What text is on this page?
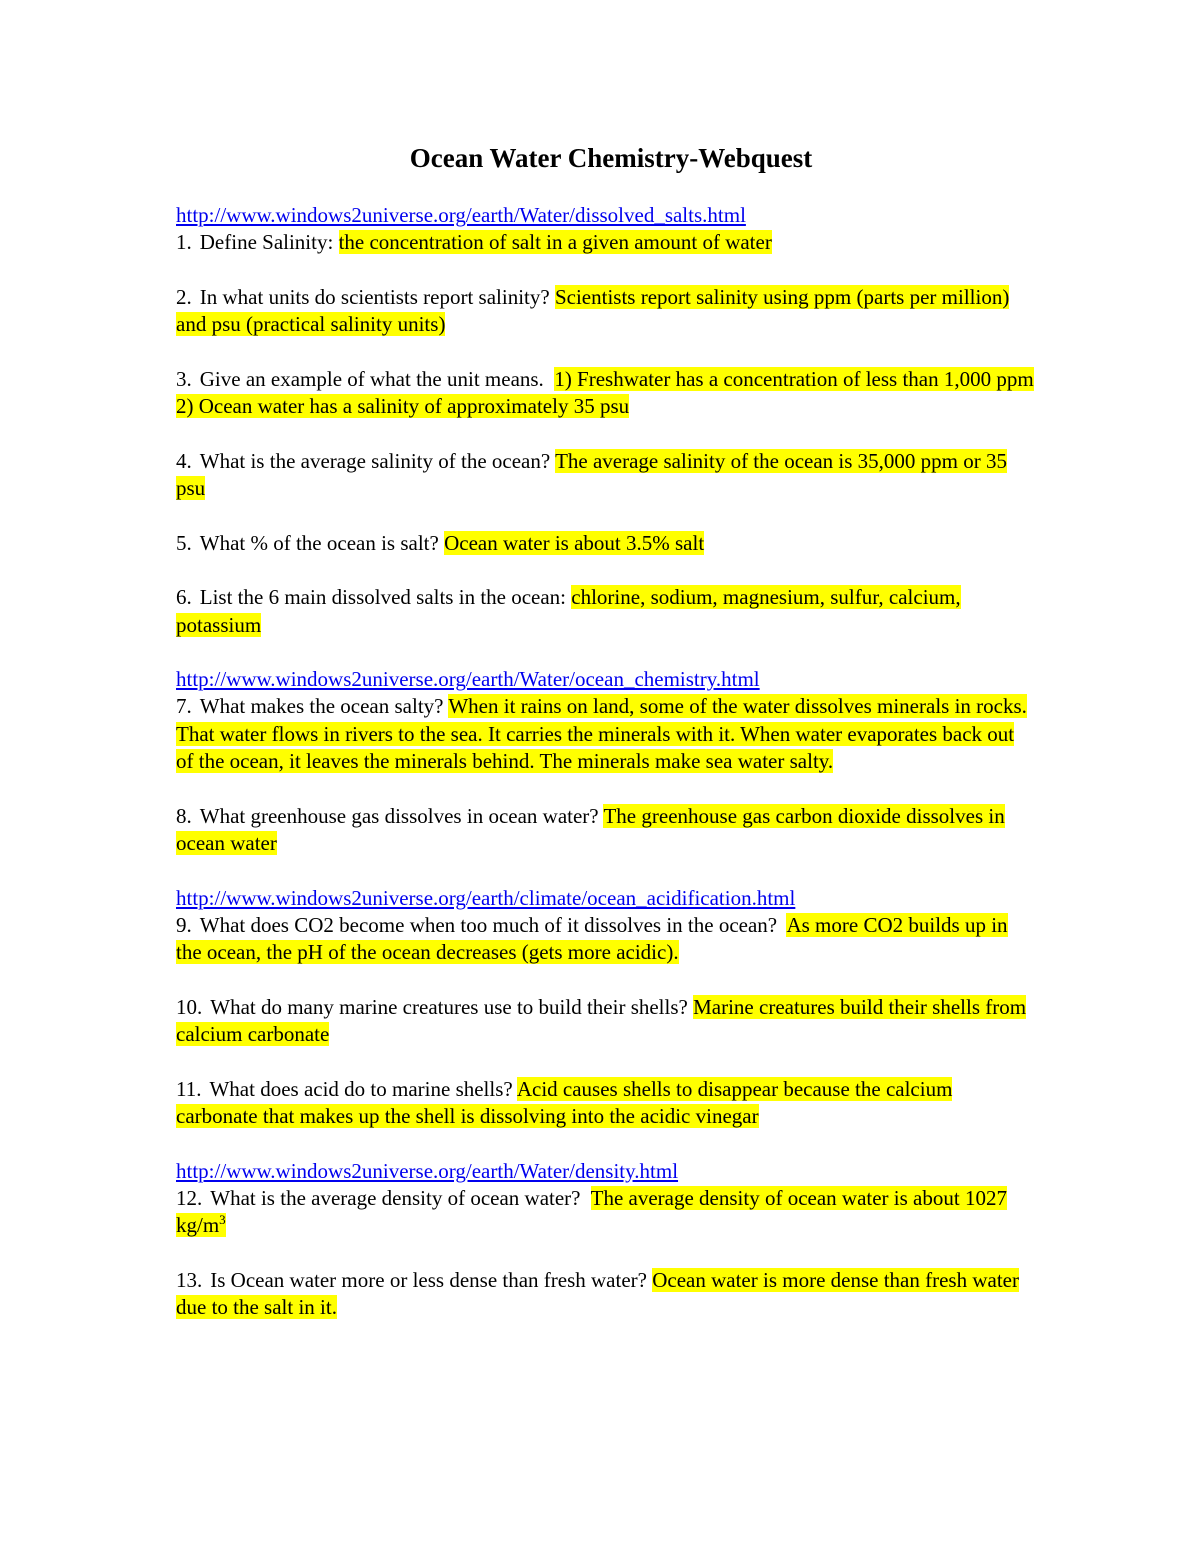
Ocean Water Chemistry-Webquest
http://www.windows2universe.org/earth/Water/dissolved_salts.html
1. Define Salinity: the concentration of salt in a given amount of water
2. In what units do scientists report salinity? Scientists report salinity using ppm (parts per million) and psu (practical salinity units)
3. Give an example of what the unit means. 1) Freshwater has a concentration of less than 1,000 ppm 2) Ocean water has a salinity of approximately 35 psu
4. What is the average salinity of the ocean? The average salinity of the ocean is 35,000 ppm or 35 psu
5. What % of the ocean is salt? Ocean water is about 3.5% salt
6. List the 6 main dissolved salts in the ocean: chlorine, sodium, magnesium, sulfur, calcium, potassium
http://www.windows2universe.org/earth/Water/ocean_chemistry.html
7. What makes the ocean salty? When it rains on land, some of the water dissolves minerals in rocks. That water flows in rivers to the sea. It carries the minerals with it. When water evaporates back out of the ocean, it leaves the minerals behind. The minerals make sea water salty.
8. What greenhouse gas dissolves in ocean water? The greenhouse gas carbon dioxide dissolves in ocean water
http://www.windows2universe.org/earth/climate/ocean_acidification.html
9. What does CO2 become when too much of it dissolves in the ocean? As more CO2 builds up in the ocean, the pH of the ocean decreases (gets more acidic).
10. What do many marine creatures use to build their shells? Marine creatures build their shells from calcium carbonate
11. What does acid do to marine shells? Acid causes shells to disappear because the calcium carbonate that makes up the shell is dissolving into the acidic vinegar
http://www.windows2universe.org/earth/Water/density.html
12. What is the average density of ocean water? The average density of ocean water is about 1027 $kg/m^3$
13. Is Ocean water more or less dense than fresh water? Ocean water is more dense than fresh water due to the salt in it.
